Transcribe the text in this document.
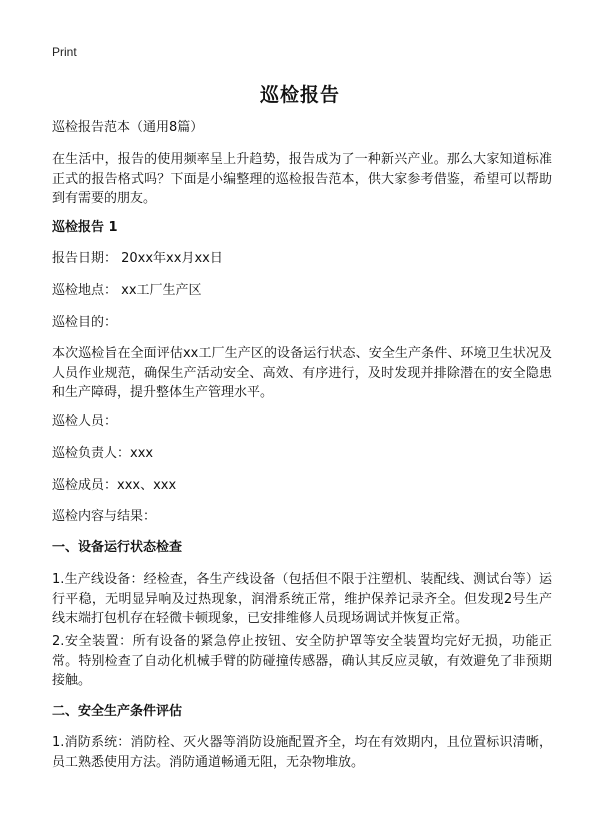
Print
巡检报告
巡检报告范本（通用8篇）
在生活中，报告的使用频率呈上升趋势，报告成为了一种新兴产业。那么大家知道标准正式的报告格式吗？下面是小编整理的巡检报告范本，供大家参考借鉴，希望可以帮助到有需要的朋友。
巡检报告 1
报告日期： 20xx年xx月xx日
巡检地点： xx工厂生产区
巡检目的：
本次巡检旨在全面评估xx工厂生产区的设备运行状态、安全生产条件、环境卫生状况及人员作业规范，确保生产活动安全、高效、有序进行，及时发现并排除潜在的安全隐患和生产障碍，提升整体生产管理水平。
巡检人员：
巡检负责人：xxx
巡检成员：xxx、xxx
巡检内容与结果：
一、设备运行状态检查
1.生产线设备：经检查，各生产线设备（包括但不限于注塑机、装配线、测试台等）运行平稳，无明显异响及过热现象，润滑系统正常，维护保养记录齐全。但发现2号生产线末端打包机存在轻微卡顿现象，已安排维修人员现场调试并恢复正常。
2.安全装置：所有设备的紧急停止按钮、安全防护罩等安全装置均完好无损，功能正常。特别检查了自动化机械手臂的防碰撞传感器，确认其反应灵敏，有效避免了非预期接触。
二、安全生产条件评估
1.消防系统：消防栓、灭火器等消防设施配置齐全，均在有效期内，且位置标识清晰，员工熟悉使用方法。消防通道畅通无阻，无杂物堆放。
